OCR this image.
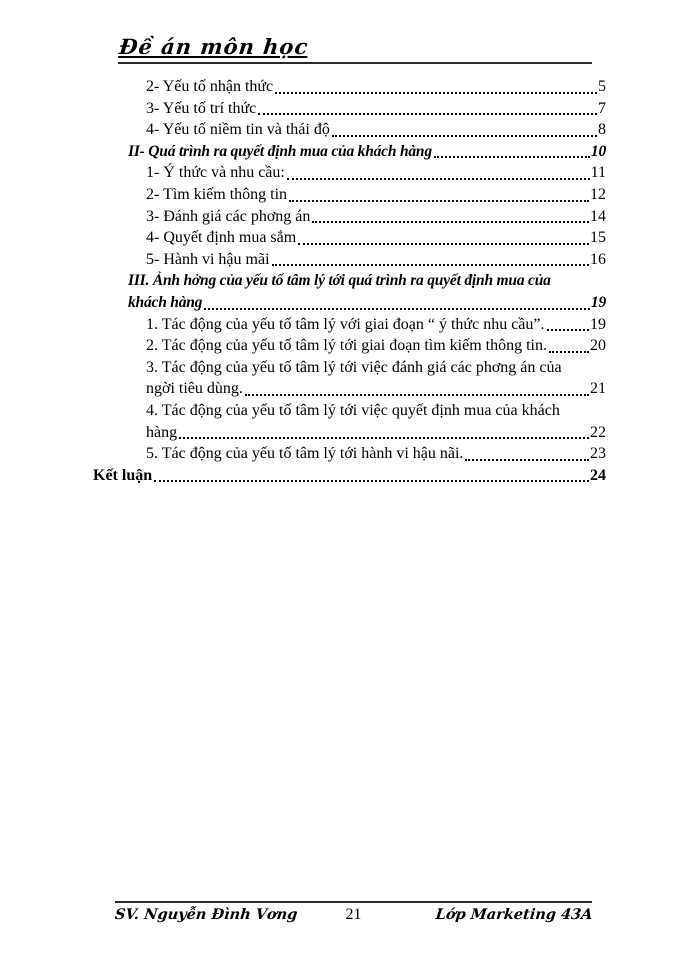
Đề án môn học
2- Yếu tố nhận thức	5
3- Yếu tố trí thức	7
4- Yếu tố niềm tin và thái độ	8
II- Quá trình ra quyết định mua của khách hàng	10
1- Ý thức và nhu cầu:	11
2- Tìm kiếm thông tin	12
3- Đánh giá các phơng án	14
4- Quyết định mua sắm	15
5- Hành vi hậu mãi	16
III. Ảnh hởng của yếu tố tâm lý tới quá trình ra quyết định mua của
khách hàng	19
1. Tác động của yếu tố tâm lý với giai đoạn “ ý thức nhu cầu”.	19
2. Tác động của yếu tố tâm lý tới giai đoạn tìm kiếm thông tin.	20
3. Tác động của yếu tố tâm lý tới việc đánh giá các phơng án của
ngời tiêu dùng.	21
4. Tác động của yếu tố tâm lý tới việc quyết định mua của khách
hàng	22
5. Tác động của yếu tố tâm lý tới hành vi hậu nãi.	23
Kết luận	24
SV. Nguyễn Đình Vơng	21	Lớp Marketing 43A
